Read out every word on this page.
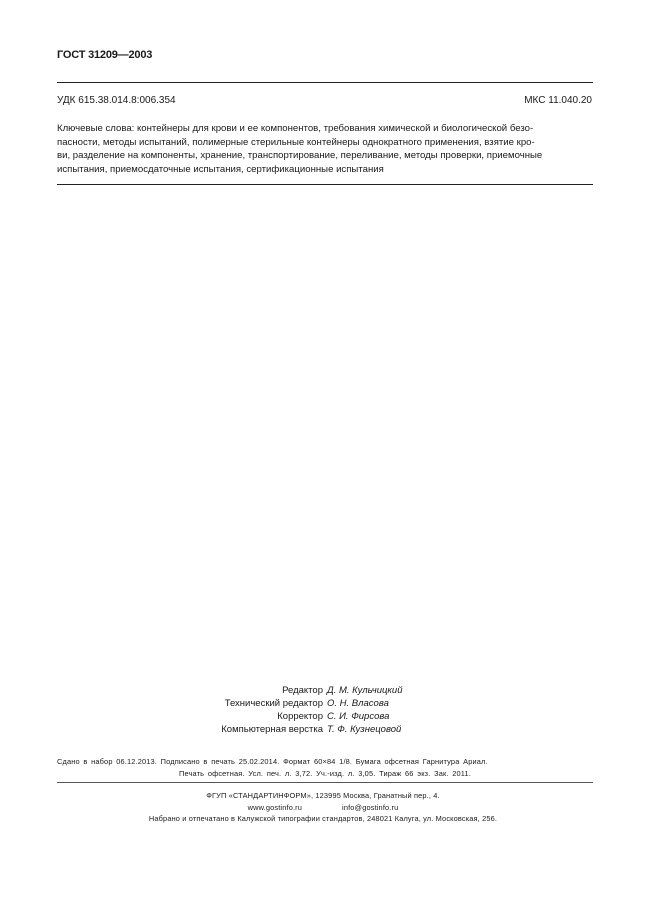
ГОСТ 31209—2003
УДК 615.38.014.8:006.354	МКС 11.040.20
Ключевые слова: контейнеры для крови и ее компонентов, требования химической и биологической безо-
пасности, методы испытаний, полимерные стерильные контейнеры однократного применения, взятие кро-
ви, разделение на компоненты, хранение, транспортирование, переливание, методы проверки, приемочные
испытания, приемосдаточные испытания, сертификационные испытания
Редактор Д. М. Кульчицкий
Технический редактор О. Н. Власова
Корректор С. И. Фирсова
Компьютерная верстка Т. Ф. Кузнецовой
Сдано в набор 06.12.2013. Подписано в печать 25.02.2014. Формат 60×84 1/8. Бумага офсетная Гарнитура Ариал.
Печать офсетная. Усл. печ. л. 3,72. Уч.-изд. л. 3,05. Тираж 66 экз. Зак. 2011.
ФГУП «СТАНДАРТИНФОРМ», 123995 Москва, Гранатный пер., 4.
www.gostinfo.ru	info@gostinfo.ru
Набрано и отпечатано в Калужской типографии стандартов, 248021 Калуга, ул. Московская, 256.
